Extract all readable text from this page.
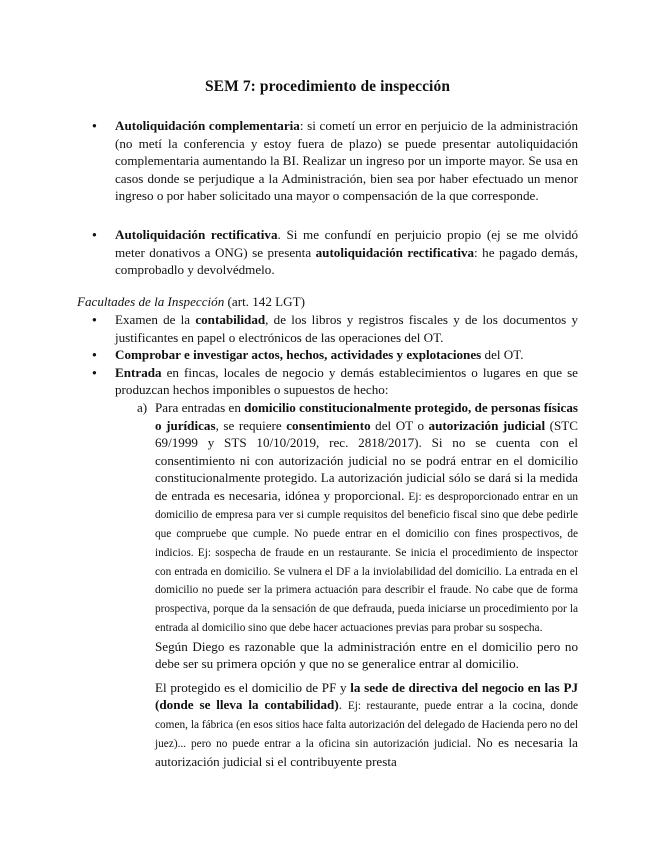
SEM 7: procedimiento de inspección
● Autoliquidación complementaria: si cometí un error en perjuicio de la administración (no metí la conferencia y estoy fuera de plazo) se puede presentar autoliquidación complementaria aumentando la BI. Realizar un ingreso por un importe mayor. Se usa en casos donde se perjudique a la Administración, bien sea por haber efectuado un menor ingreso o por haber solicitado una mayor o compensación de la que corresponde.
● Autoliquidación rectificativa. Si me confundí en perjuicio propio (ej se me olvidó meter donativos a ONG) se presenta autoliquidación rectificativa: he pagado demás, comprobadlo y devolvédmelo.
Facultades de la Inspección (art. 142 LGT)
● Examen de la contabilidad, de los libros y registros fiscales y de los documentos y justificantes en papel o electrónicos de las operaciones del OT.
● Comprobar e investigar actos, hechos, actividades y explotaciones del OT.
● Entrada en fincas, locales de negocio y demás establecimientos o lugares en que se produzcan hechos imponibles o supuestos de hecho:
a) Para entradas en domicilio constitucionalmente protegido, de personas físicas o jurídicas, se requiere consentimiento del OT o autorización judicial (STC 69/1999 y STS 10/10/2019, rec. 2818/2017). Si no se cuenta con el consentimiento ni con autorización judicial no se podrá entrar en el domicilio constitucionalmente protegido. La autorización judicial sólo se dará si la medida de entrada es necesaria, idónea y proporcional. Ej: es desproporcionado entrar en un domicilio de empresa para ver si cumple requisitos del beneficio fiscal sino que debe pedirle que compruebe que cumple. No puede entrar en el domicilio con fines prospectivos, de indicios. Ej: sospecha de fraude en un restaurante. Se inicia el procedimiento de inspector con entrada en domicilio. Se vulnera el DF a la inviolabilidad del domicilio. La entrada en el domicilio no puede ser la primera actuación para describir el fraude. No cabe que de forma prospectiva, porque da la sensación de que defrauda, pueda iniciarse un procedimiento por la entrada al domicilio sino que debe hacer actuaciones previas para probar su sospecha.
Según Diego es razonable que la administración entre en el domicilio pero no debe ser su primera opción y que no se generalice entrar al domicilio.
El protegido es el domicilio de PF y la sede de directiva del negocio en las PJ (donde se lleva la contabilidad). Ej: restaurante, puede entrar a la cocina, donde comen, la fábrica (en esos sitios hace falta autorización del delegado de Hacienda pero no del juez)... pero no puede entrar a la oficina sin autorización judicial. No es necesaria la autorización judicial si el contribuyente presta
